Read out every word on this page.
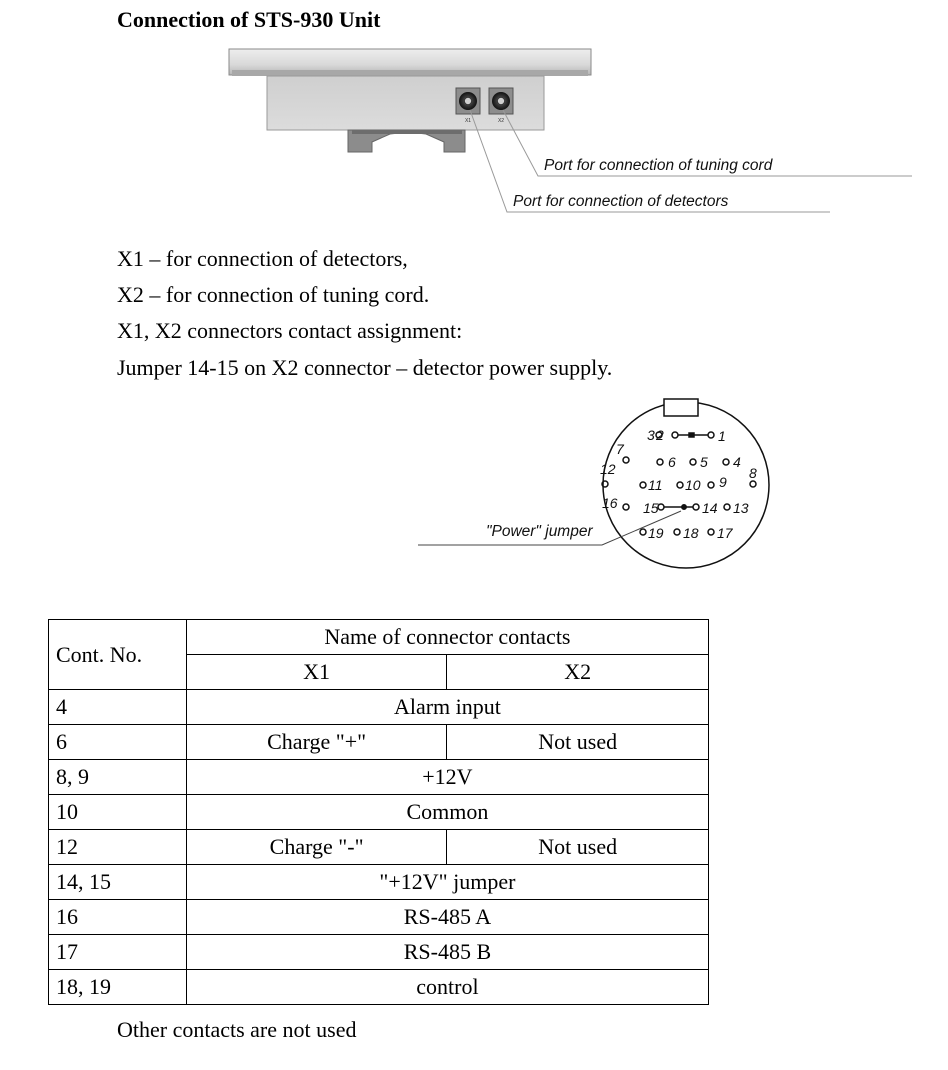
Connection of STS-930 Unit
X1	X2
Port for connection of tuning cord
Port for connection of detectors
3 2	1
7
6 5 4
12	8
11 10 9
16 15	14 13
19 18 17
"Power" jumper

X1 – for connection of detectors,

X2 – for connection of tuning cord.

X1, X2 connectors contact assignment:

Jumper 14-15 on X2 connector – detector power supply.

Cont. No.	Name of connector contacts	
	X1	X2
4	Alarm input	
6	Charge "+"	Not used
8, 9	+12V	
10	Common	
12	Charge "-"	Not used
14, 15	"+12V" jumper	
16	RS-485 A	
17	RS-485 B	
18, 19	control	

Other contacts are not used
